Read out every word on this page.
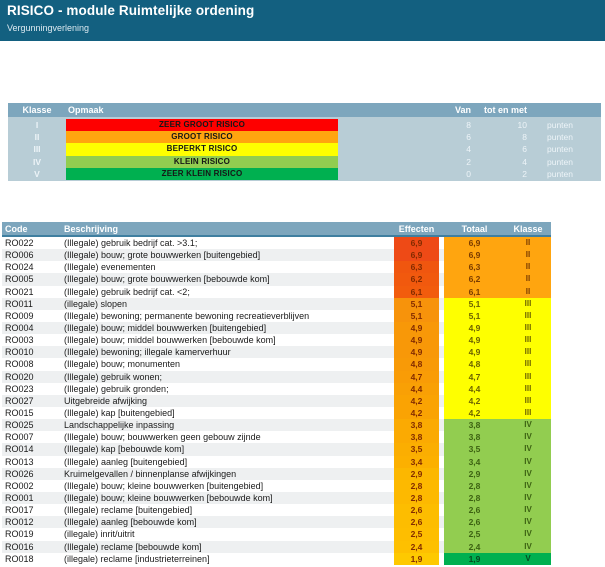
RISICO - module Ruimtelijke ordening
Vergunningverlening
Klasse	Opmaak	Van	tot en met
I	ZEER GROOT RISICO	8	10	punten
II	GROOT RISICO	6	8	punten
III	BEPERKT RISICO	4	6	punten
IV	KLEIN RISICO	2	4	punten
V	ZEER KLEIN RISICO	0	2	punten
Code	Beschrijving	Effecten	Totaal	Klasse
RO022	(Illegale) gebruik bedrijf cat. >3.1;	6,9	6,9	II
RO006	(Illegale) bouw; grote bouwwerken [buitengebied]	6,9	6,9	II
RO024	(Illegale) evenementen	6,3	6,3	II
RO005	(Illegale) bouw; grote bouwwerken [bebouwde kom]	6,2	6,2	II
RO021	(Illegale) gebruik bedrijf cat. <2;	6,1	6,1	II
RO011	(illegale) slopen	5,1	5,1	III
RO009	(Illegale) bewoning; permanente bewoning recreatieverblijven	5,1	5,1	III
RO004	(Illegale) bouw; middel bouwwerken [buitengebied]	4,9	4,9	III
RO003	(Illegale) bouw; middel bouwwerken [bebouwde kom]	4,9	4,9	III
RO010	(Illegale) bewoning; illegale kamerverhuur	4,9	4,9	III
RO008	(Illegale) bouw; monumenten	4,8	4,8	III
RO020	(Illegale) gebruik wonen;	4,7	4,7	III
RO023	(Illegale) gebruik gronden;	4,4	4,4	III
RO027	Uitgebreide afwijking	4,2	4,2	III
RO015	(Illegale) kap [buitengebied]	4,2	4,2	III
RO025	Landschappelijke inpassing	3,8	3,8	IV
RO007	(Illegale) bouw; bouwwerken geen gebouw zijnde	3,8	3,8	IV
RO014	(Illegale) kap [bebouwde kom]	3,5	3,5	IV
RO013	(Illegale) aanleg [buitengebied]	3,4	3,4	IV
RO026	Kruimelgevallen / binnenplanse afwijkingen	2,9	2,9	IV
RO002	(Illegale) bouw; kleine bouwwerken [buitengebied]	2,8	2,8	IV
RO001	(Illegale) bouw; kleine bouwwerken [bebouwde kom]	2,8	2,8	IV
RO017	(Illegale) reclame [buitengebied]	2,6	2,6	IV
RO012	(Illegale) aanleg [bebouwde kom]	2,6	2,6	IV
RO019	(illegale) inrit/uitrit	2,5	2,5	IV
RO016	(Illegale) reclame [bebouwde kom]	2,4	2,4	IV
RO018	(illegale) reclame [industrieterreinen]	1,9	1,9	V
